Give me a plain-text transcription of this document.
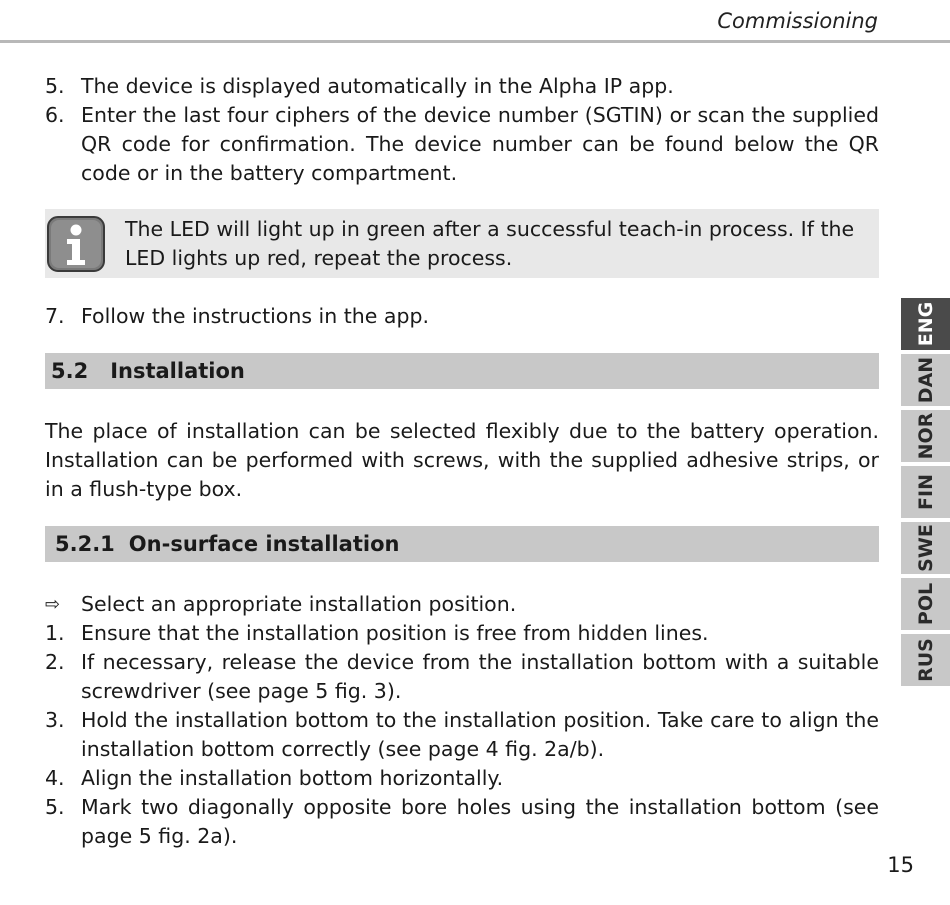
Commissioning
5. The device is displayed automatically in the Alpha IP app.
6. Enter the last four ciphers of the device number (SGTIN) or scan the supplied QR code for confirmation. The device number can be found below the QR code or in the battery compartment.
The LED will light up in green after a successful teach-in process. If the LED lights up red, repeat the process.
7. Follow the instructions in the app.
5.2 Installation

The place of installation can be selected flexibly due to the battery operation. Installation can be performed with screws, with the supplied adhesive strips, or in a flush-type box.

5.2.1 On-surface installation
⇨	Select an appropriate installation position.
1. Ensure that the installation position is free from hidden lines.
2. If necessary, release the device from the installation bottom with a suitable screwdriver (see page 5 fig. 3).
3. Hold the installation bottom to the installation position. Take care to align the installation bottom correctly (see page 4 fig. 2a/b).
4. Align the installation bottom horizontally.
5. Mark two diagonally opposite bore holes using the installation bottom (see page 5 fig. 2a).
ENG
DAN
NOR
FIN
SWE
POL
RUS
15
